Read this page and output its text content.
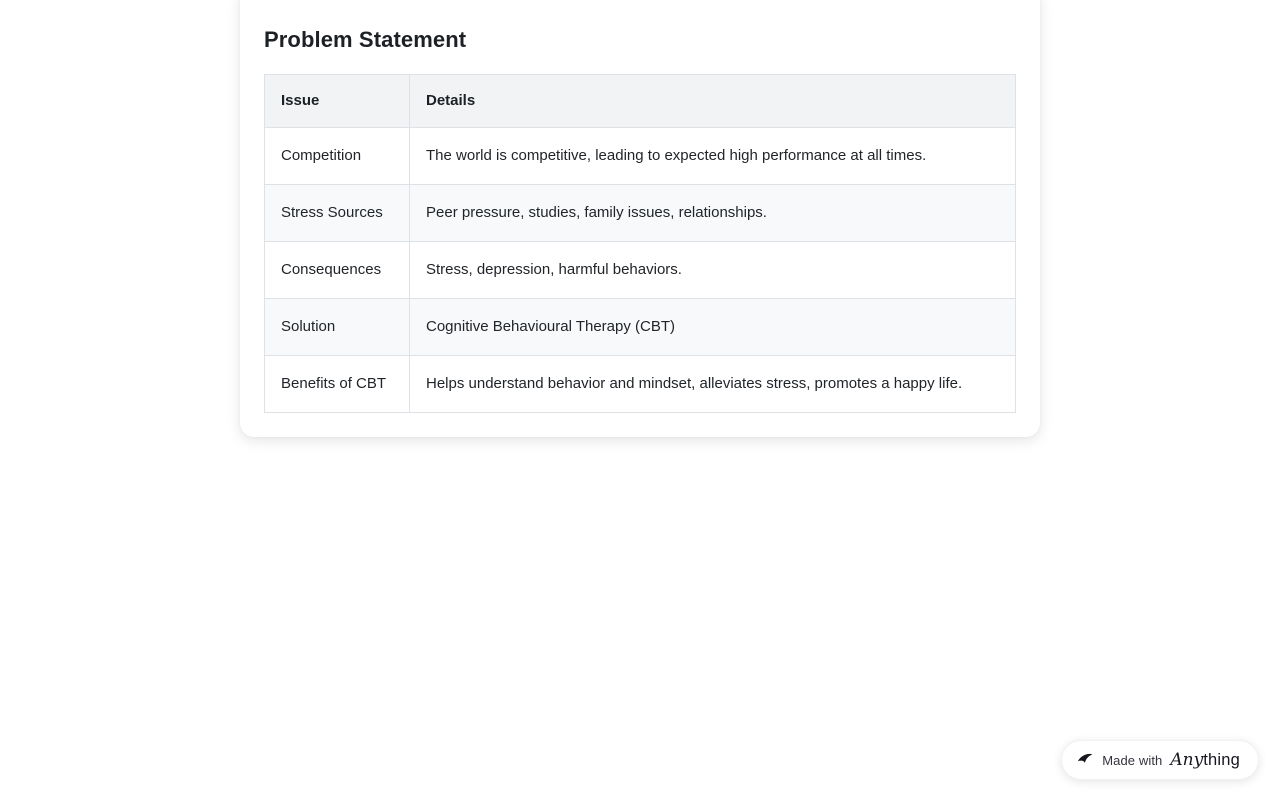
Problem Statement
Issue	Details
Competition	The world is competitive, leading to expected high performance at all times.
Stress Sources	Peer pressure, studies, family issues, relationships.
Consequences	Stress, depression, harmful behaviors.
Solution	Cognitive Behavioural Therapy (CBT)
Benefits of CBT	Helps understand behavior and mindset, alleviates stress, promotes a happy life.
Made with Any thing
